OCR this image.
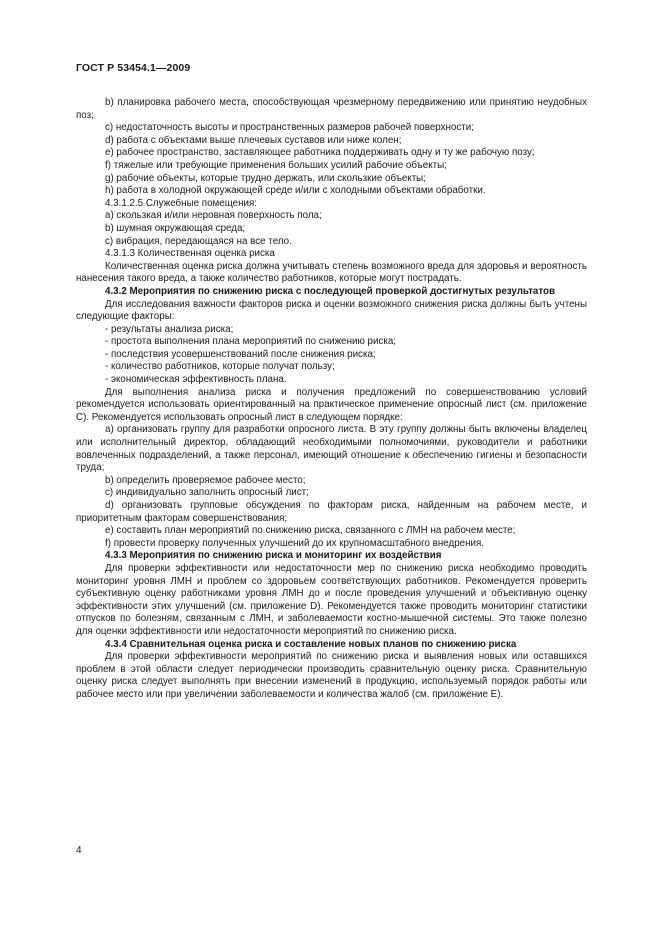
ГОСТ Р 53454.1—2009

b) планировка рабочего места, способствующая чрезмерному передвижению или принятию неудобных поз;

c) недостаточность высоты и пространственных размеров рабочей поверхности;

d) работа с объектами выше плечевых суставов или ниже колен;

e) рабочее пространство, заставляющее работника поддерживать одну и ту же рабочую позу;

f) тяжелые или требующие применения больших усилий рабочие объекты;

g) рабочие объекты, которые трудно держать, или скользкие объекты;

h) работа в холодной окружающей среде и/или с холодными объектами обработки.

4.3.1.2.5 Служебные помещения:

a) скользкая и/или неровная поверхность пола;

b) шумная окружающая среда;

c) вибрация, передающаяся на все тело.

4.3.1.3 Количественная оценка риска

Количественная оценка риска должна учитывать степень возможного вреда для здоровья и вероятность нанесения такого вреда, а также количество работников, которые могут пострадать.

4.3.2 Мероприятия по снижению риска с последующей проверкой достигнутых результатов

Для исследования важности факторов риска и оценки возможного снижения риска должны быть учтены следующие факторы:

- результаты анализа риска;

- простота выполнения плана мероприятий по снижению риска;

- последствия усовершенствований после снижения риска;

- количество работников, которые получат пользу;

- экономическая эффективность плана.

Для выполнения анализа риска и получения предложений по совершенствованию условий рекомендуется использовать ориентированный на практическое применение опросный лист (см. приложение С). Рекомендуется использовать опросный лист в следующем порядке:

a) организовать группу для разработки опросного листа. В эту группу должны быть включены владелец или исполнительный директор, обладающий необходимыми полномочиями, руководители и работники вовлеченных подразделений, а также персонал, имеющий отношение к обеспечению гигиены и безопасности труда;

b) определить проверяемое рабочее место;

c) индивидуально заполнить опросный лист;

d) организовать групповые обсуждения по факторам риска, найденным на рабочем месте, и приоритетным факторам совершенствования;

e) составить план мероприятий по снижению риска, связанного с ЛМН на рабочем месте;

f) провести проверку полученных улучшений до их крупномасштабного внедрения.

4.3.3 Мероприятия по снижению риска и мониторинг их воздействия

Для проверки эффективности или недостаточности мер по снижению риска необходимо проводить мониторинг уровня ЛМН и проблем со здоровьем соответствующих работников. Рекомендуется проверить субъективную оценку работниками уровня ЛМН до и после проведения улучшений и объективную оценку эффективности этих улучшений (см. приложение D). Рекомендуется также проводить мониторинг статистики отпусков по болезням, связанным с ЛМН, и заболеваемости костно-мышечной системы. Это также полезно для оценки эффективности или недостаточности мероприятий по снижению риска.

4.3.4 Сравнительная оценка риска и составление новых планов по снижению риска

Для проверки эффективности мероприятий по снижению риска и выявления новых или оставшихся проблем в этой области следует периодически производить сравнительную оценку риска. Сравнительную оценку риска следует выполнять при внесении изменений в продукцию, используемый порядок работы или рабочее место или при увеличении заболеваемости и количества жалоб (см. приложение Е).

4
